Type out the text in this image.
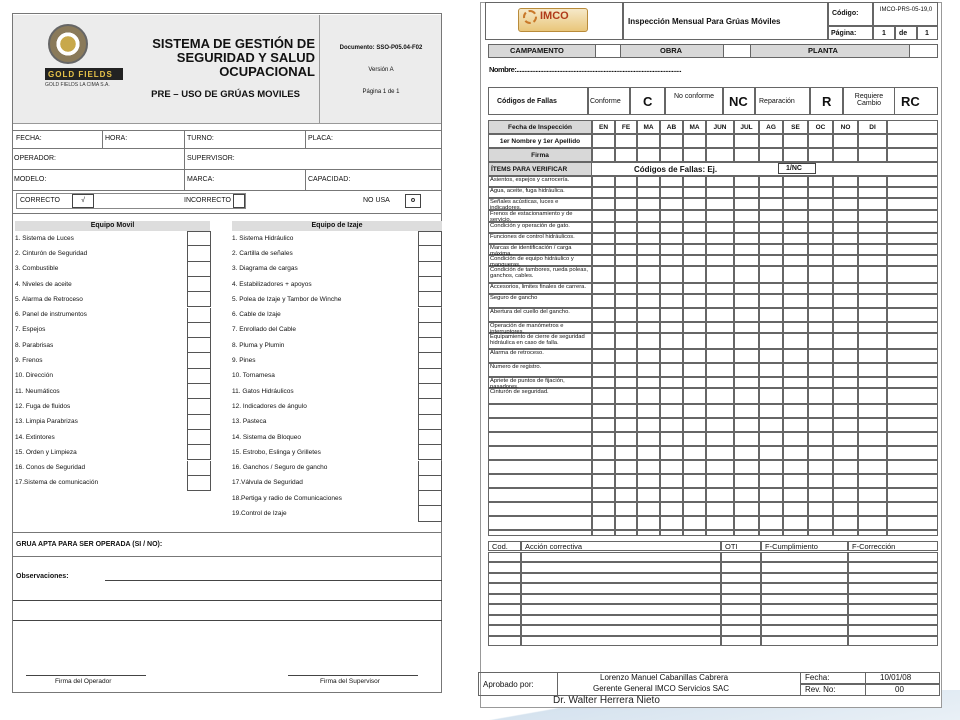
GOLD FIELDS
GOLD FIELDS LA CIMA S.A.
SISTEMA DE GESTIÓN DE SEGURIDAD Y SALUD OCUPACIONAL
PRE – USO DE GRÚAS MOVILES
Documento: SSO-P05.04-F02
Versión A
Página 1 de 1
FECHA:	HORA:	TURNO:	PLACA:
OPERADOR:	SUPERVISOR:
MODELO:	MARCA:	CAPACIDAD:
CORRECTO	√	INCORRECTO	NO USA	o
Equipo Movil
1. Sistema de Luces
2. Cinturón de Seguridad
3. Combustible
4. Niveles de aceite
5. Alarma de Retroceso
6. Panel de instrumentos
7. Espejos
8. Parabrisas
9. Frenos
10. Dirección
11. Neumáticos
12. Fuga de fluidos
13. Limpia Parabrizas
14. Extintores
15. Orden y Limpieza
16. Conos de Seguridad
17.Sistema de comunicación
Equipo de Izaje
1. Sistema Hidráulico
2. Cartilla de señales
3. Diagrama de cargas
4. Estabilizadores + apoyos
5. Polea de Izaje y Tambor de Winche
6. Cable de Izaje
7. Enrollado del Cable
8. Pluma y Plumin
9. Pines
10. Tornamesa
11. Gatos Hidráulicos
12. Indicadores de ángulo
13. Pasteca
14. Sistema de Bloqueo
15. Estrobo, Eslinga y Grilletes
16. Ganchos / Seguro de gancho
17.Válvula de Seguridad
18.Pertiga y radio de Comunicaciones
19.Control de Izaje
GRUA APTA PARA SER OPERADA (SI / NO):
Observaciones:
Firma del Operador	Firma del Supervisor
IMCO	Inspección Mensual Para Grúas Móviles
Código:	IMCO-PRS-05-19,0
Página:	1 de	1
CAMPAMENTO	OBRA	PLANTA
Nombre:........................................................................................................
Códigos de Fallas	Conforme C	No conforme	NC Reparación R	Requiere Cambio	RC
Fecha de Inspección	EN	FE	MA	AB	MA	JUN	JUL	AG	SE	OC	NO	DI
1er Nombre y 1er Apellido
Firma
ÍTEMS PARA VERIFICAR	Códigos de Fallas: Ej.	1/NC
Asientos, espejos y carrocería.
Agua, aceite, fuga hidráulica.
Señales acústicas, luces e indicadores.
Frenos de estacionamiento y de servicio.
Condición y operación de gato.
Funciones de control hidráulicos.
Marcas de identificación / carga máxima.
Condición de equipo hidráulico y mangueras.
Condición de tambores, rueda poleas, ganchos, cables.
Accesorios, limites finales de carrera.
Seguro de gancho
Abertura del cuello del gancho.
Operación de manómetros e interruptores.
Equipamiento de cierre de seguridad hidráulica en caso de falla.
Alarma de retroceso.
Numero de registro.
Apriete de puntos de fijación, pasadores.
Cinturón de seguridad.
Cod. Acción correctiva	OTI	F-Cumplimiento	F-Corrección
Aprobado por:
Lorenzo Manuel Cabanillas Cabrera
Gerente General IMCO Servicios SAC
Fecha:	10/01/08
Rev. No:	00
Dr. Walter Herrera Nieto
